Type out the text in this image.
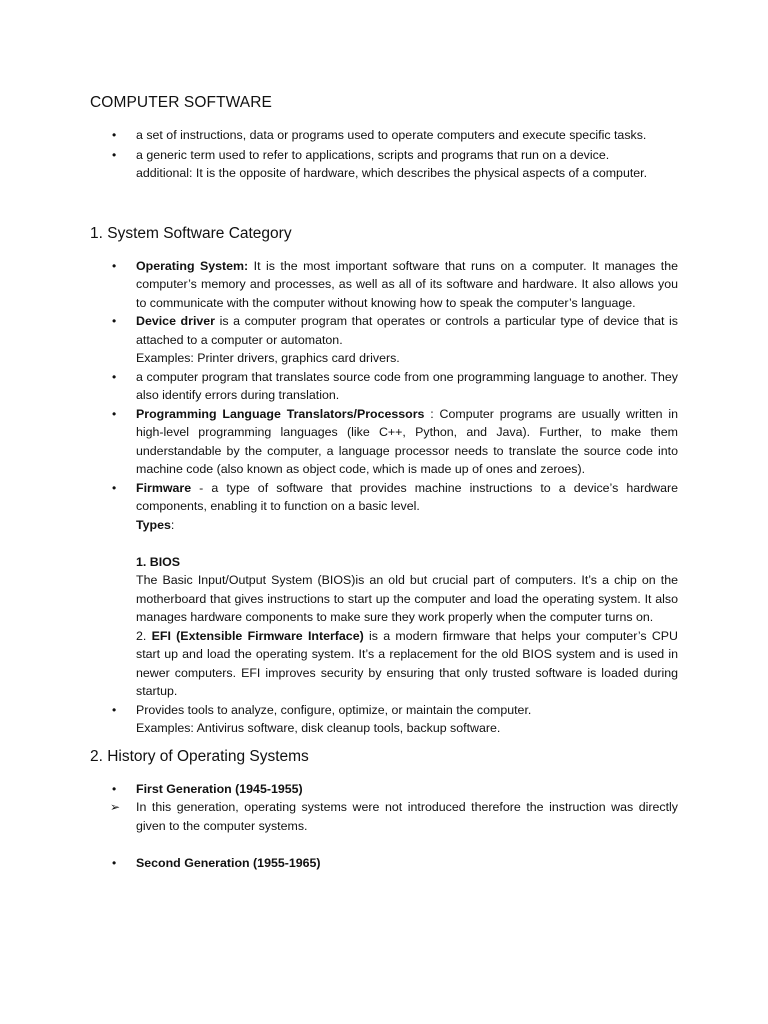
COMPUTER SOFTWARE
• a set of instructions, data or programs used to operate computers and execute specific tasks.
• a generic term used to refer to applications, scripts and programs that run on a device.
additional: It is the opposite of hardware, which describes the physical aspects of a computer.
1. System Software Category
• Operating System: It is the most important software that runs on a computer. It manages the computer’s memory and processes, as well as all of its software and hardware. It also allows you to communicate with the computer without knowing how to speak the computer’s language.
• Device driver is a computer program that operates or controls a particular type of device that is attached to a computer or automaton.
Examples: Printer drivers, graphics card drivers.
• a computer program that translates source code from one programming language to another. They also identify errors during translation.
• Programming Language Translators/Processors : Computer programs are usually written in high-level programming languages (like C++, Python, and Java). Further, to make them understandable by the computer, a language processor needs to translate the source code into machine code (also known as object code, which is made up of ones and zeroes).
• Firmware - a type of software that provides machine instructions to a device’s hardware components, enabling it to function on a basic level.
Types:
1. BIOS
The Basic Input/Output System (BIOS)is an old but crucial part of computers. It’s a chip on the motherboard that gives instructions to start up the computer and load the operating system. It also manages hardware components to make sure they work properly when the computer turns on.
2. EFI (Extensible Firmware Interface) is a modern firmware that helps your computer’s CPU start up and load the operating system. It’s a replacement for the old BIOS system and is used in newer computers. EFI improves security by ensuring that only trusted software is loaded during startup.
• Provides tools to analyze, configure, optimize, or maintain the computer.
Examples: Antivirus software, disk cleanup tools, backup software.
2. History of Operating Systems
• First Generation (1945-1955)
➢ In this generation, operating systems were not introduced therefore the instruction was directly given to the computer systems.
• Second Generation (1955-1965)
